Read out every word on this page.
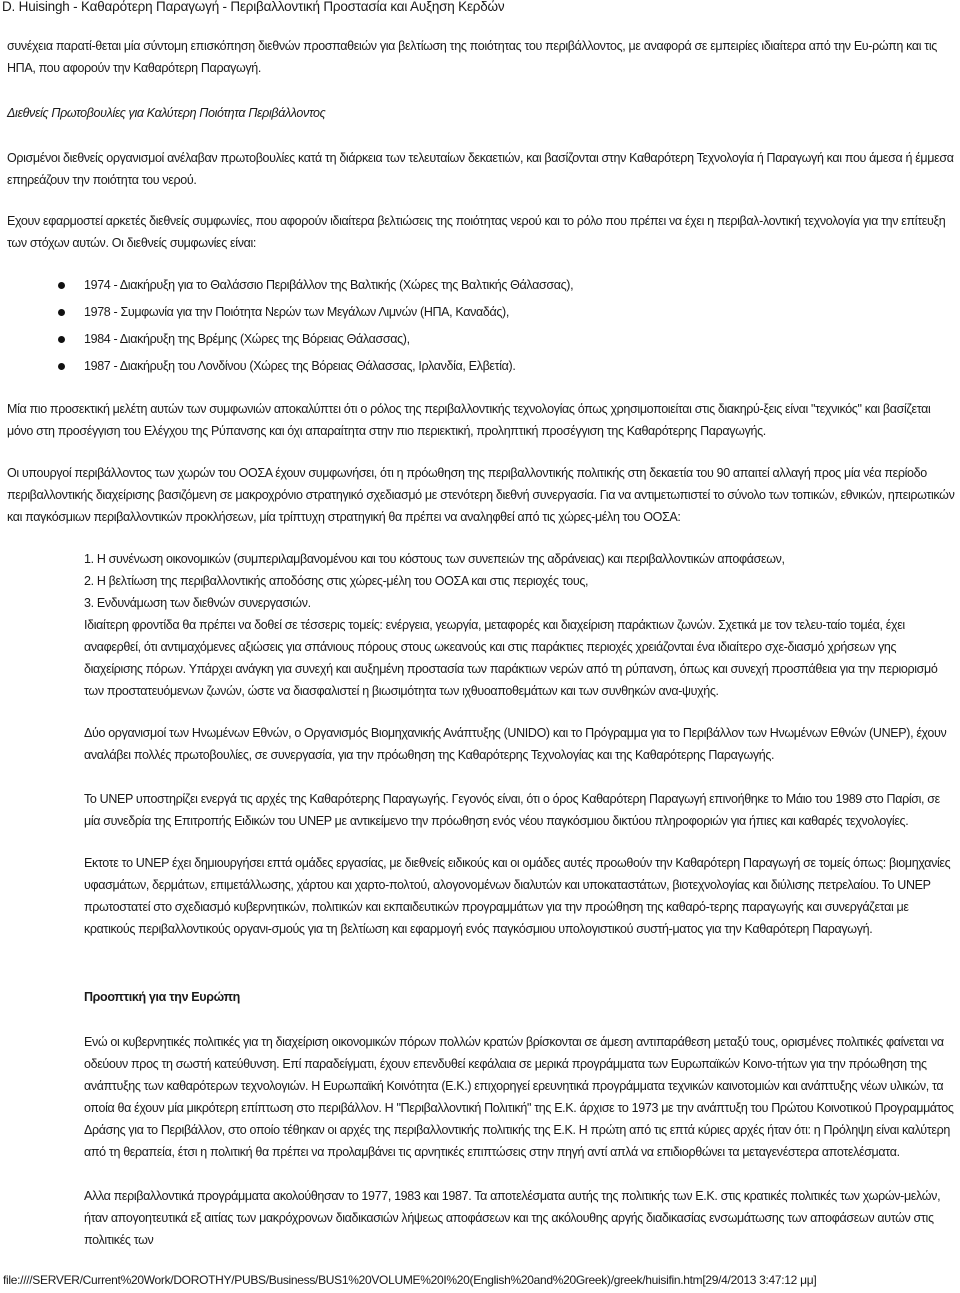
D. Huisingh - Καθαρότερη Παραγωγή - Περιβαλλοντική Προστασία και Αυξηση Κερδών
συνέχεια παρατί-θεται μία σύντομη επισκόπηση διεθνών προσπαθειών για βελτίωση της ποιότητας του περιβάλλοντος, με αναφορά σε εμπειρίες ιδιαίτερα από την Ευ-ρώπη και τις ΗΠΑ, που αφορούν την Καθαρότερη Παραγωγή.
Διεθνείς Πρωτοβουλίες για Καλύτερη Ποιότητα Περιβάλλοντος
Ορισμένοι διεθνείς οργανισμοί ανέλαβαν πρωτοβουλίες κατά τη διάρκεια των τελευταίων δεκαετιών, και βασίζονται στην Καθαρότερη Τεχνολογία ή Παραγωγή και που άμεσα ή έμμεσα επηρεάζουν την ποιότητα του νερού.
Εχουν εφαρμοστεί αρκετές διεθνείς συμφωνίες, που αφορούν ιδιαίτερα βελτιώσεις της ποιότητας νερού και το ρόλο που πρέπει να έχει η περιβαλ-λοντική τεχνολογία για την επίτευξη των στόχων αυτών. Οι διεθνείς συμφωνίες είναι:
1974 - Διακήρυξη για το Θαλάσσιο Περιβάλλον της Βαλτικής (Χώρες της Βαλτικής Θάλασσας),
1978 - Συμφωνία για την Ποιότητα Νερών των Μεγάλων Λιμνών (ΗΠΑ, Καναδάς),
1984 - Διακήρυξη της Βρέμης (Χώρες της Βόρειας Θάλασσας),
1987 - Διακήρυξη του Λονδίνου (Χώρες της Βόρειας Θάλασσας, Ιρλανδία, Ελβετία).
Μία πιο προσεκτική μελέτη αυτών των συμφωνιών αποκαλύπτει ότι ο ρόλος της περιβαλλοντικής τεχνολογίας όπως χρησιμοποιείται στις διακηρύ-ξεις είναι "τεχνικός" και βασίζεται μόνο στη προσέγγιση του Ελέγχου της Ρύπανσης και όχι απαραίτητα στην πιο περιεκτική, προληπτική προσέγγιση της Καθαρότερης Παραγωγής.
Οι υπουργοί περιβάλλοντος των χωρών του ΟΟΣΑ έχουν συμφωνήσει, ότι η πρόωθηση της περιβαλλοντικής πολιτικής στη δεκαετία του 90 απαιτεί αλλαγή προς μία νέα περίοδο περιβαλλοντικής διαχείρισης βασιζόμενη σε μακροχρόνιο στρατηγικό σχεδιασμό με στενότερη διεθνή συνεργασία. Για να αντιμετωπιστεί το σύνολο των τοπικών, εθνικών, ηπειρωτικών και παγκόσμιων περιβαλλοντικών προκλήσεων, μία τρίπτυχη στρατηγική θα πρέπει να αναληφθεί από τις χώρες-μέλη του ΟΟΣΑ:
1. Η συνένωση οικονομικών (συμπεριλαμβανομένου και του κόστους των συνεπειών της αδράνειας) και περιβαλλοντικών αποφάσεων,
2. Η βελτίωση της περιβαλλοντικής αποδόσης στις χώρες-μέλη του ΟΟΣΑ και στις περιοχές τους,
3. Ενδυνάμωση των διεθνών συνεργασιών.
Ιδιαίτερη φροντίδα θα πρέπει να δοθεί σε τέσσερις τομείς: ενέργεια, γεωργία, μεταφορές και διαχείριση παράκτιων ζωνών. Σχετικά με τον τελευ-ταίο τομέα, έχει αναφερθεί, ότι αντιμαχόμενες αξιώσεις για σπάνιους πόρους στους ωκεανούς και στις παράκτιες περιοχές χρειάζονται ένα ιδιαίτερο σχε-διασμό χρήσεων γης διαχείρισης πόρων. Υπάρχει ανάγκη για συνεχή και αυξημένη προστασία των παράκτιων νερών από τη ρύπανση, όπως και συνεχή προσπάθεια για την περιορισμό των προστατευόμενων ζωνών, ώστε να διασφαλιστεί η βιωσιμότητα των ιχθυοαποθεμάτων και των συνθηκών ανα-ψυχής.
Δύο οργανισμοί των Ηνωμένων Εθνών, ο Οργανισμός Βιομηχανικής Ανάπτυξης (UNIDO) και το Πρόγραμμα για το Περιβάλλον των Ηνωμένων Εθνών (UNEP), έχουν αναλάβει πολλές πρωτοβουλίες, σε συνεργασία, για την πρόωθηση της Καθαρότερης Τεχνολογίας και της Καθαρότερης Παραγωγής.
Το UNEP υποστηρίζει ενεργά τις αρχές της Καθαρότερης Παραγωγής. Γεγονός είναι, ότι ο όρος Καθαρότερη Παραγωγή επινοήθηκε το Μάιο του 1989 στο Παρίσι, σε μία συνεδρία της Επιτροπής Ειδικών του UNEP με αντικείμενο την πρόωθηση ενός νέου παγκόσμιου δικτύου πληροφοριών για ήπιες και καθαρές τεχνολογίες.
Εκτοτε το UNEP έχει δημιουργήσει επτά ομάδες εργασίας, με διεθνείς ειδικούς και οι ομάδες αυτές προωθούν την Καθαρότερη Παραγωγή σε τομείς όπως: βιομηχανίες υφασμάτων, δερμάτων, επιμετάλλωσης, χάρτου και χαρτο-πολτού, αλογονομένων διαλυτών και υποκαταστάτων, βιοτεχνολογίας και διύλισης πετρελαίου. Το UNEP πρωτοστατεί στο σχεδιασμό κυβερνητικών, πολιτικών και εκπαιδευτικών προγραμμάτων για την προώθηση της καθαρό-τερης παραγωγής και συνεργάζεται με κρατικούς περιβαλλοντικούς οργανι-σμούς για τη βελτίωση και εφαρμογή ενός παγκόσμιου υπολογιστικού συστή-ματος για την Καθαρότερη Παραγωγή.
Προοπτική για την Ευρώπη
Ενώ οι κυβερνητικές πολιτικές για τη διαχείριση οικονομικών πόρων πολλών κρατών βρίσκονται σε άμεση αντιπαράθεση μεταξύ τους, ορισμένες πολιτικές φαίνεται να οδεύουν προς τη σωστή κατεύθυνση. Επί παραδείγματι, έχουν επενδυθεί κεφάλαια σε μερικά προγράμματα των Ευρωπαϊκών Κοινο-τήτων για την πρόωθηση της ανάπτυξης των καθαρότερων τεχνολογιών. Η Ευρωπαϊκή Κοινότητα (Ε.Κ.) επιχορηγεί ερευνητικά προγράμματα τεχνικών καινοτομιών και ανάπτυξης νέων υλικών, τα οποία θα έχουν μία μικρότερη επίπτωση στο περιβάλλον. Η "Περιβαλλοντική Πολιτική" της Ε.Κ. άρχισε το 1973 με την ανάπτυξη του Πρώτου Κοινοτικού Προγραμμάτος Δράσης για το Περιβάλλον, στο οποίο τέθηκαν οι αρχές της περιβαλλοντικής πολιτικής της Ε.Κ. Η πρώτη από τις επτά κύριες αρχές ήταν ότι: η Πρόληψη είναι καλύτερη από τη θεραπεία, έτσι η πολιτική θα πρέπει να προλαμβάνει τις αρνητικές επιπτώσεις στην πηγή αντί απλά να επιδιορθώνει τα μεταγενέστερα αποτελέσματα.
Αλλα περιβαλλοντικά προγράμματα ακολούθησαν το 1977, 1983 και 1987. Τα αποτελέσματα αυτής της πολιτικής των Ε.Κ. στις κρατικές πολιτικές των χωρών-μελών, ήταν απογοητευτικά εξ αιτίας των μακρόχρονων διαδικασιών λήψεως αποφάσεων και της ακόλουθης αργής διαδικασίας ενσωμάτωσης των αποφάσεων αυτών στις πολιτικές των
file:////SERVER/Current%20Work/DOROTHY/PUBS/Business/BUS1%20VOLUME%20I%20(English%20and%20Greek)/greek/huisifin.htm[29/4/2013 3:47:12 μμ]
